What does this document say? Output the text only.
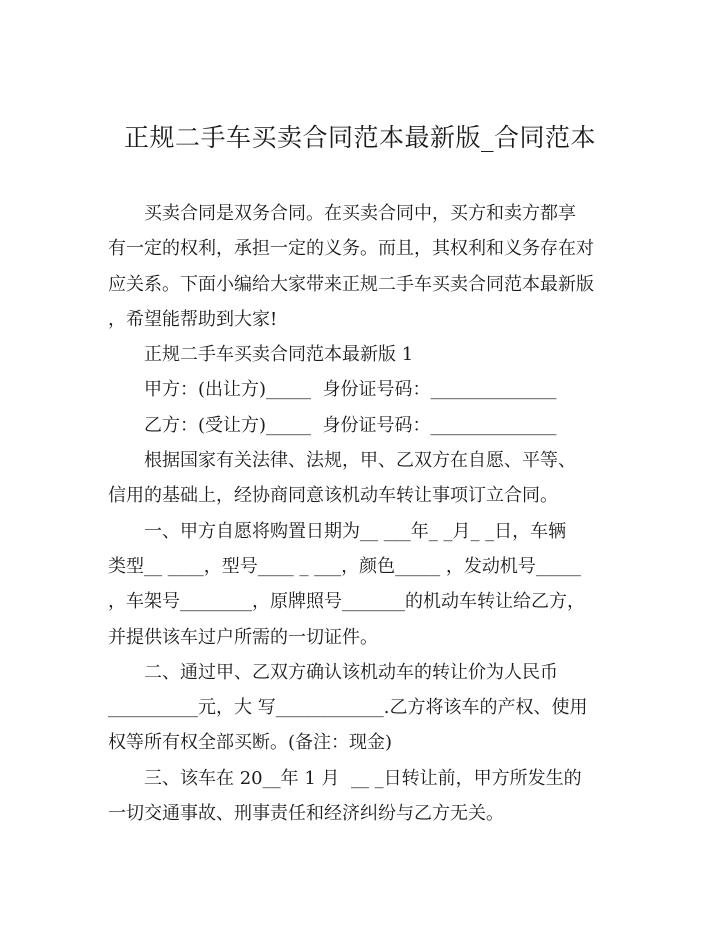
正规二手车买卖合同范本最新版_合同范本

买卖合同是双务合同。在买卖合同中，买方和卖方都享

有一定的权利，承担一定的义务。而且，其权利和义务存在对

应关系。下面小编给大家带来正规二手车买卖合同范本最新版

，希望能帮助到大家!

正规二手车买卖合同范本最新版 1

甲方：(出让方)_____  身份证号码：______________

乙方：(受让方)_____  身份证号码：______________

根据国家有关法律、法规，甲、乙双方在自愿、平等、

信用的基础上，经协商同意该机动车转让事项订立合同。

一、甲方自愿将购置日期为__ ___年_ _月_ _日，车辆

类型__ ____，型号____ _ ___，颜色_____ ，发动机号_____

，车架号________，原牌照号_______的机动车转让给乙方，

并提供该车过户所需的一切证件。

二、通过甲、乙双方确认该机动车的转让价为人民币

__________元，大 写____________.乙方将该车的产权、使用

权等所有权全部买断。(备注：现金)

三、该车在 20__年 1 月  __ _日转让前，甲方所发生的

一切交通事故、刑事责任和经济纠纷与乙方无关。
